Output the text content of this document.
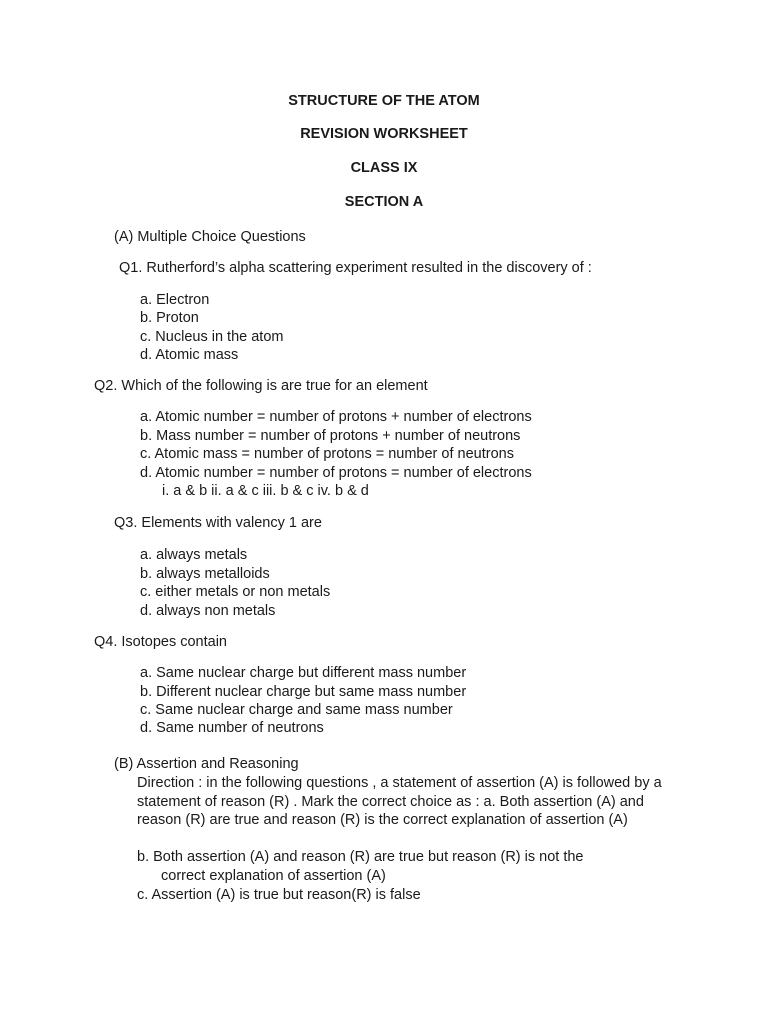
STRUCTURE OF THE ATOM

REVISION WORKSHEET

CLASS IX

SECTION A

(A) Multiple Choice Questions

Q1. Rutherford’s alpha scattering experiment resulted in the discovery of :

a. Electron

b. Proton

c. Nucleus in the atom

d. Atomic mass

Q2. Which of the following is are true for an element

a. Atomic number = number of protons + number of electrons

b. Mass number = number of protons + number of neutrons

c. Atomic mass = number of protons = number of neutrons

d. Atomic number = number of protons = number of electrons

i. a & b ii. a & c iii. b & c iv. b & d

Q3. Elements with valency 1 are

a. always metals

b. always metalloids

c. either metals or non metals

d. always non metals

Q4. Isotopes contain

a. Same nuclear charge but different mass number

b. Different nuclear charge but same mass number

c. Same nuclear charge and same mass number

d. Same number of neutrons

(B) Assertion and Reasoning

Direction : in the following questions , a statement of assertion (A) is followed by a statement of reason (R) . Mark the correct choice as : a. Both assertion (A) and reason (R) are true and reason (R) is the correct explanation of assertion (A)

b. Both assertion (A) and reason (R) are true but reason (R) is not the

correct explanation of assertion (A)

c. Assertion (A) is true but reason(R) is false
